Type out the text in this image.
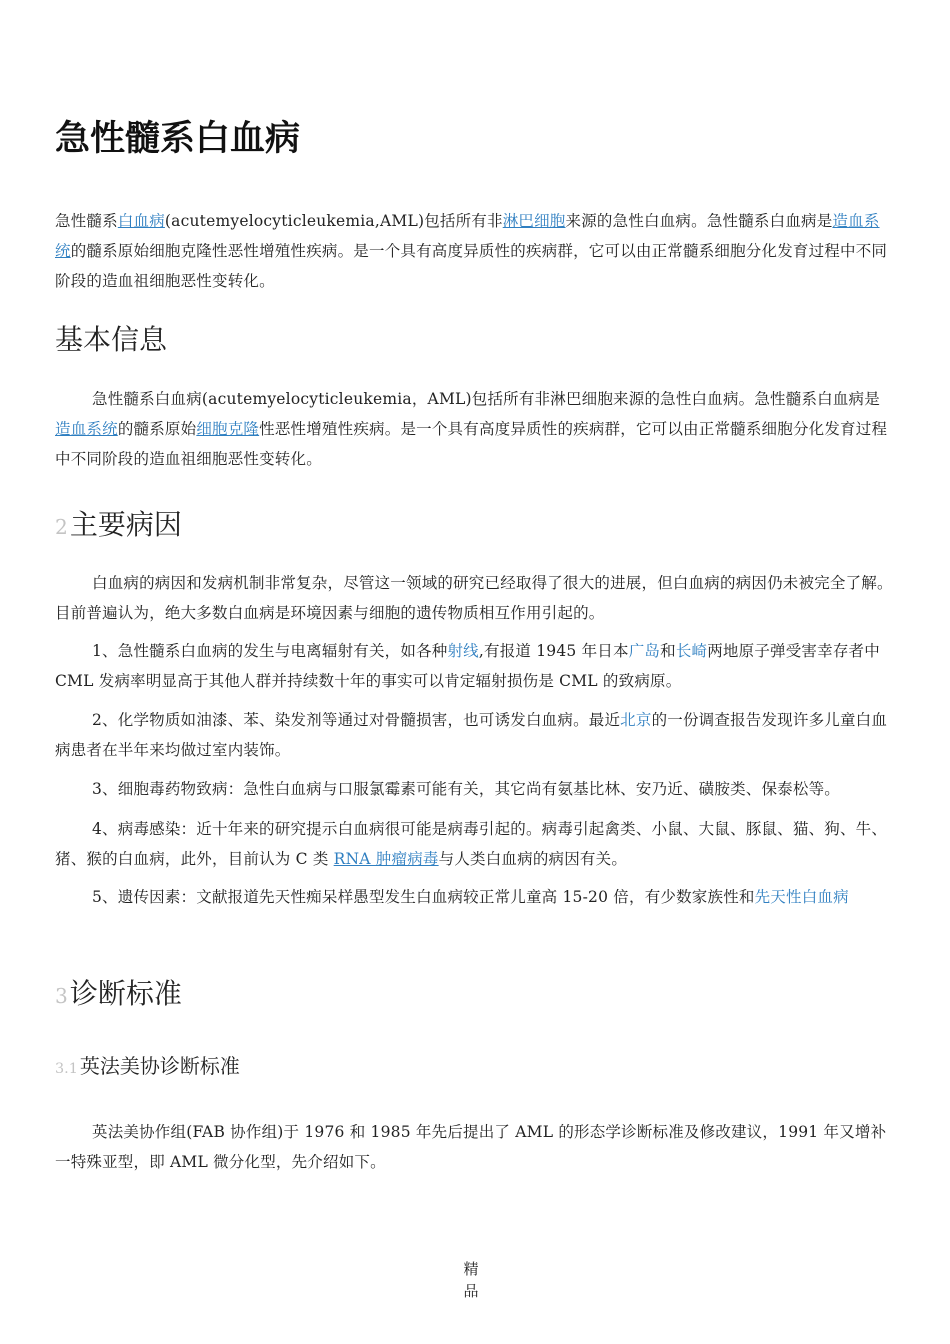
急性髓系白血病

急性髓系白血病(acutemyelocyticleukemia,AML)包括所有非淋巴细胞来源的急性白血病。急性髓系白血病是造血系统的髓系原始细胞克隆性恶性增殖性疾病。是一个具有高度异质性的疾病群，它可以由正常髓系细胞分化发育过程中不同阶段的造血祖细胞恶性变转化。

基本信息

急性髓系白血病(acutemyelocyticleukemia，AML)包括所有非淋巴细胞来源的急性白血病。急性髓系白血病是造血系统的髓系原始细胞克隆性恶性增殖性疾病。是一个具有高度异质性的疾病群，它可以由正常髓系细胞分化发育过程中不同阶段的造血祖细胞恶性变转化。

2主要病因

白血病的病因和发病机制非常复杂，尽管这一领域的研究已经取得了很大的进展，但白血病的病因仍未被完全了解。目前普遍认为，绝大多数白血病是环境因素与细胞的遗传物质相互作用引起的。

1、急性髓系白血病的发生与电离辐射有关，如各种射线,有报道 1945 年日本广岛和长崎两地原子弹受害幸存者中 CML 发病率明显高于其他人群并持续数十年的事实可以肯定辐射损伤是 CML 的致病原。

2、化学物质如油漆、苯、染发剂等通过对骨髓损害，也可诱发白血病。最近北京的一份调查报告发现许多儿童白血病患者在半年来均做过室内装饰。

3、细胞毒药物致病：急性白血病与口服氯霉素可能有关，其它尚有氨基比林、安乃近、磺胺类、保泰松等。

4、病毒感染：近十年来的研究提示白血病很可能是病毒引起的。病毒引起禽类、小鼠、大鼠、豚鼠、猫、狗、牛、猪、猴的白血病，此外，目前认为 C 类 RNA 肿瘤病毒与人类白血病的病因有关。

5、遗传因素：文献报道先天性痴呆样愚型发生白血病较正常儿童高 15-20 倍，有少数家族性和先天性白血病

3诊断标准
3.1 英法美协诊断标准

英法美协作组(FAB 协作组)于 1976 和 1985 年先后提出了 AML 的形态学诊断标准及修改建议，1991 年又增补一特殊亚型，即 AML 微分化型，先介绍如下。

精
品
